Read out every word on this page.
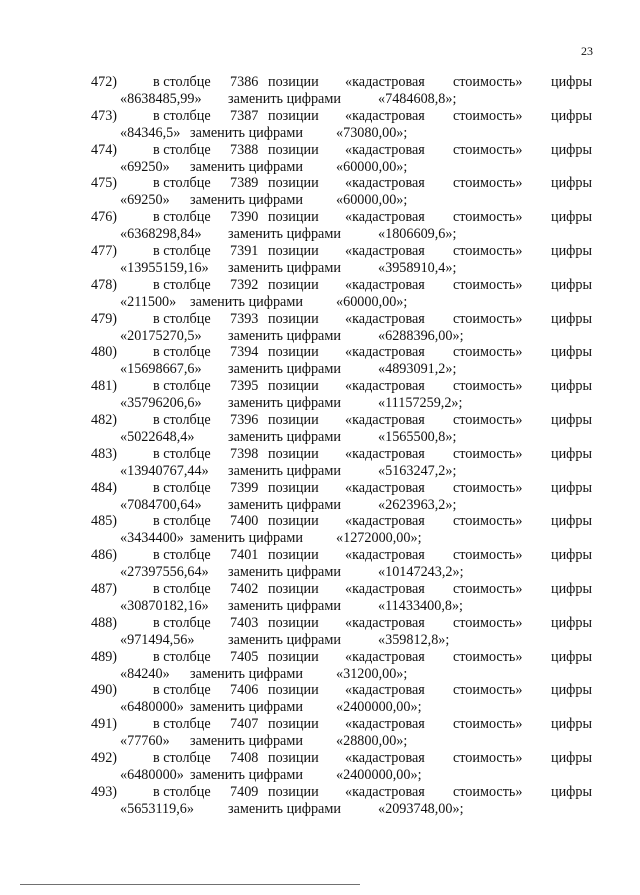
23
472)	в столбце 7386 позиции «кадастровая стоимость» цифры
«8638485,99» заменить цифрами	«7484608,8»;
473)	в столбце 7387 позиции «кадастровая стоимость» цифры
«84346,5» заменить цифрами «73080,00»;
474)	в столбце 7388 позиции «кадастровая стоимость» цифры
«69250» заменить цифрами «60000,00»;
475)	в столбце 7389 позиции «кадастровая стоимость» цифры
«69250» заменить цифрами «60000,00»;
476)	в столбце 7390 позиции «кадастровая стоимость» цифры
«6368298,84» заменить цифрами	«1806609,6»;
477)	в столбце 7391 позиции «кадастровая стоимость» цифры
«13955159,16» заменить цифрами	«3958910,4»;
478)	в столбце 7392 позиции «кадастровая стоимость» цифры
«211500» заменить цифрами «60000,00»;
479)	в столбце 7393 позиции «кадастровая стоимость» цифры
«20175270,5» заменить цифрами	«6288396,00»;
480)	в столбце 7394 позиции «кадастровая стоимость» цифры
«15698667,6» заменить цифрами	«4893091,2»;
481)	в столбце 7395 позиции «кадастровая стоимость» цифры
«35796206,6» заменить цифрами	«11157259,2»;
482)	в столбце 7396 позиции «кадастровая стоимость» цифры
«5022648,4» заменить цифрами	«1565500,8»;
483)	в столбце 7398 позиции «кадастровая стоимость» цифры
«13940767,44» заменить цифрами	«5163247,2»;
484)	в столбце 7399 позиции «кадастровая стоимость» цифры
«7084700,64» заменить цифрами	«2623963,2»;
485)	в столбце 7400 позиции «кадастровая стоимость» цифры
«3434400» заменить цифрами «1272000,00»;
486)	в столбце 7401 позиции «кадастровая стоимость» цифры
«27397556,64» заменить цифрами	«10147243,2»;
487)	в столбце 7402 позиции «кадастровая стоимость» цифры
«30870182,16» заменить цифрами	«11433400,8»;
488)	в столбце 7403 позиции «кадастровая стоимость» цифры
«971494,56» заменить цифрами	«359812,8»;
489)	в столбце 7405 позиции «кадастровая стоимость» цифры
«84240» заменить цифрами «31200,00»;
490)	в столбце 7406 позиции «кадастровая стоимость» цифры
«6480000» заменить цифрами «2400000,00»;
491)	в столбце 7407 позиции «кадастровая стоимость» цифры
«77760» заменить цифрами «28800,00»;
492)	в столбце 7408 позиции «кадастровая стоимость» цифры
«6480000» заменить цифрами «2400000,00»;
493)	в столбце 7409 позиции «кадастровая стоимость» цифры
«5653119,6» заменить цифрами	«2093748,00»;
